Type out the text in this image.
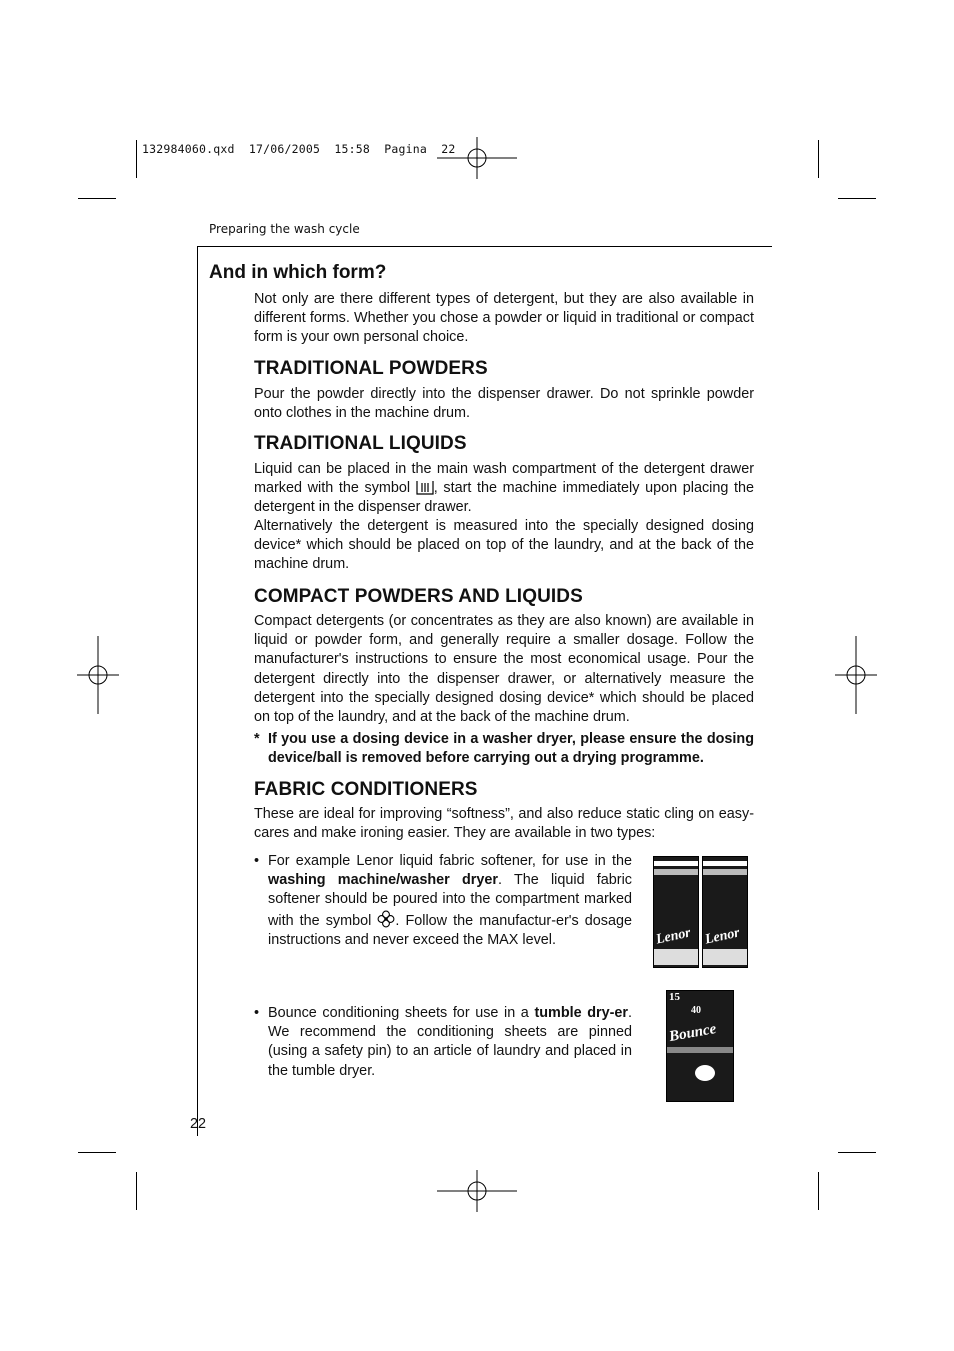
132984060.qxd  17/06/2005  15:58  Pagina  22
Preparing the wash cycle
And in which form?

Not only are there different types of detergent, but they are also available in different forms. Whether you chose a powder or liquid in traditional or compact form is your own personal choice.

TRADITIONAL POWDERS

Pour the powder directly into the dispenser drawer. Do not sprinkle powder onto clothes in the machine drum.

TRADITIONAL LIQUIDS

Liquid can be placed in the main wash compartment of the detergent drawer marked with the symbol , start the machine immediately upon placing the detergent in the dispenser drawer.

Alternatively the detergent is measured into the specially designed dosing device* which should be placed on top of the laundry, and at the back of the machine drum.

COMPACT POWDERS AND LIQUIDS

Compact detergents (or concentrates as they are also known) are available in liquid or powder form, and generally require a smaller dosage. Follow the manufacturer's instructions to ensure the most economical usage. Pour the detergent directly into the dispenser drawer, or alternatively measure the detergent into the specially designed dosing device* which should be placed on top of the laundry, and at the back of the machine drum.

* If you use a dosing device in a washer dryer, please ensure the dosing device/ball is removed before carrying out a drying programme.
FABRIC CONDITIONERS

These are ideal for improving “softness”, and also reduce static cling on easy-cares and make ironing easier. They are available in two types:

• For example Lenor liquid fabric softener, for use in the washing machine/washer dryer. The liquid fabric softener should be poured into the compartment marked with the symbol . Follow the manufactur-er's dosage instructions and never exceed the MAX level.
• Bounce conditioning sheets for use in a tumble dry-er. We recommend the conditioning sheets are pinned (using a safety pin) to an article of laundry and placed in the tumble dryer.
Lenor Lenor
15
40
Bounce
22
